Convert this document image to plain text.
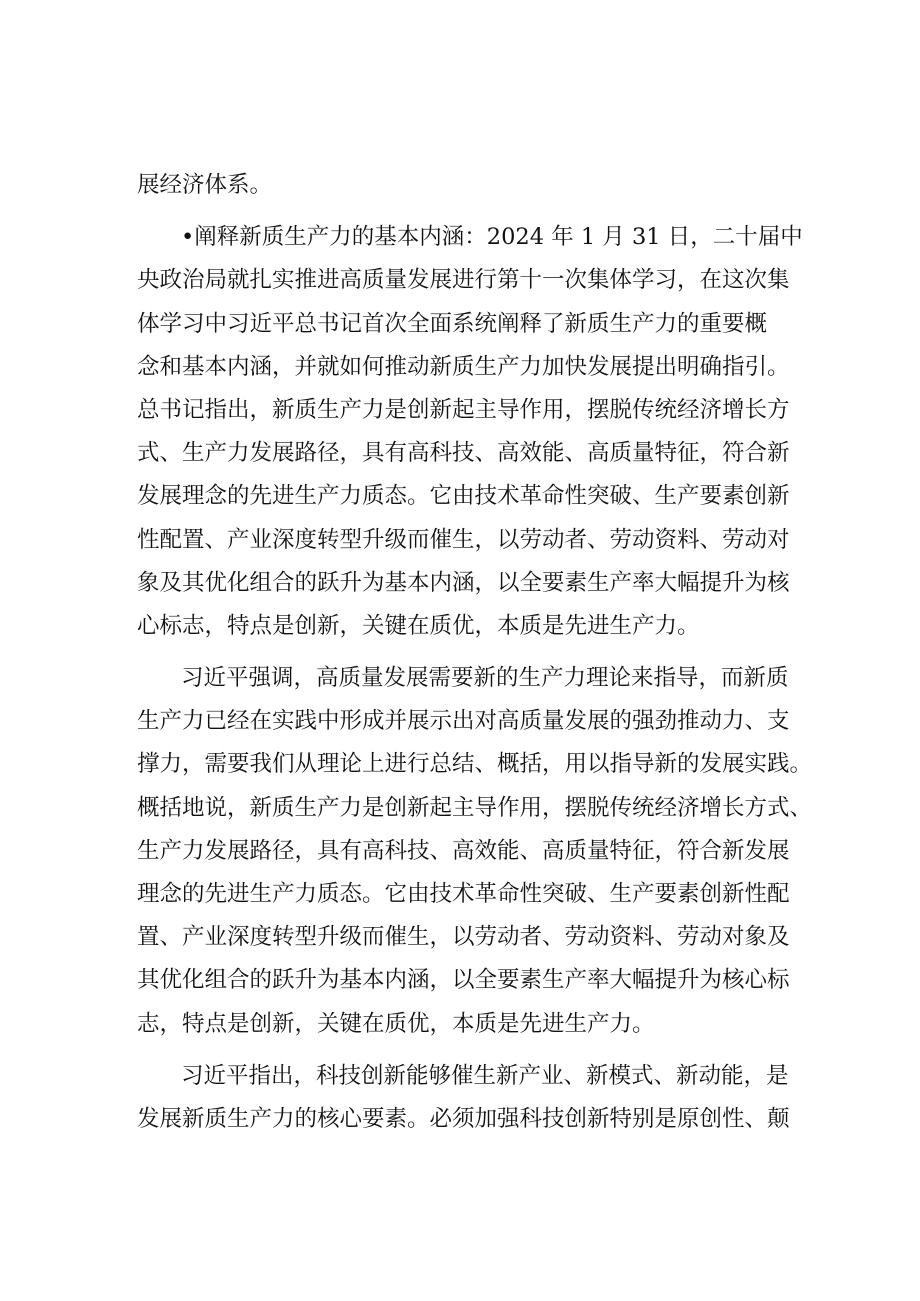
展经济体系。
•阐释新质生产力的基本内涵：2024 年 1 月 31 日，二十届中
央政治局就扎实推进高质量发展进行第十一次集体学习，在这次集
体学习中习近平总书记首次全面系统阐释了新质生产力的重要概
念和基本内涵，并就如何推动新质生产力加快发展提出明确指引。
总书记指出，新质生产力是创新起主导作用，摆脱传统经济增长方
式、生产力发展路径，具有高科技、高效能、高质量特征，符合新
发展理念的先进生产力质态。它由技术革命性突破、生产要素创新
性配置、产业深度转型升级而催生，以劳动者、劳动资料、劳动对
象及其优化组合的跃升为基本内涵，以全要素生产率大幅提升为核
心标志，特点是创新，关键在质优，本质是先进生产力。
习近平强调，高质量发展需要新的生产力理论来指导，而新质
生产力已经在实践中形成并展示出对高质量发展的强劲推动力、支
撑力，需要我们从理论上进行总结、概括，用以指导新的发展实践。
概括地说，新质生产力是创新起主导作用，摆脱传统经济增长方式、
生产力发展路径，具有高科技、高效能、高质量特征，符合新发展
理念的先进生产力质态。它由技术革命性突破、生产要素创新性配
置、产业深度转型升级而催生，以劳动者、劳动资料、劳动对象及
其优化组合的跃升为基本内涵，以全要素生产率大幅提升为核心标
志，特点是创新，关键在质优，本质是先进生产力。
习近平指出，科技创新能够催生新产业、新模式、新动能，是
发展新质生产力的核心要素。必须加强科技创新特别是原创性、颠
